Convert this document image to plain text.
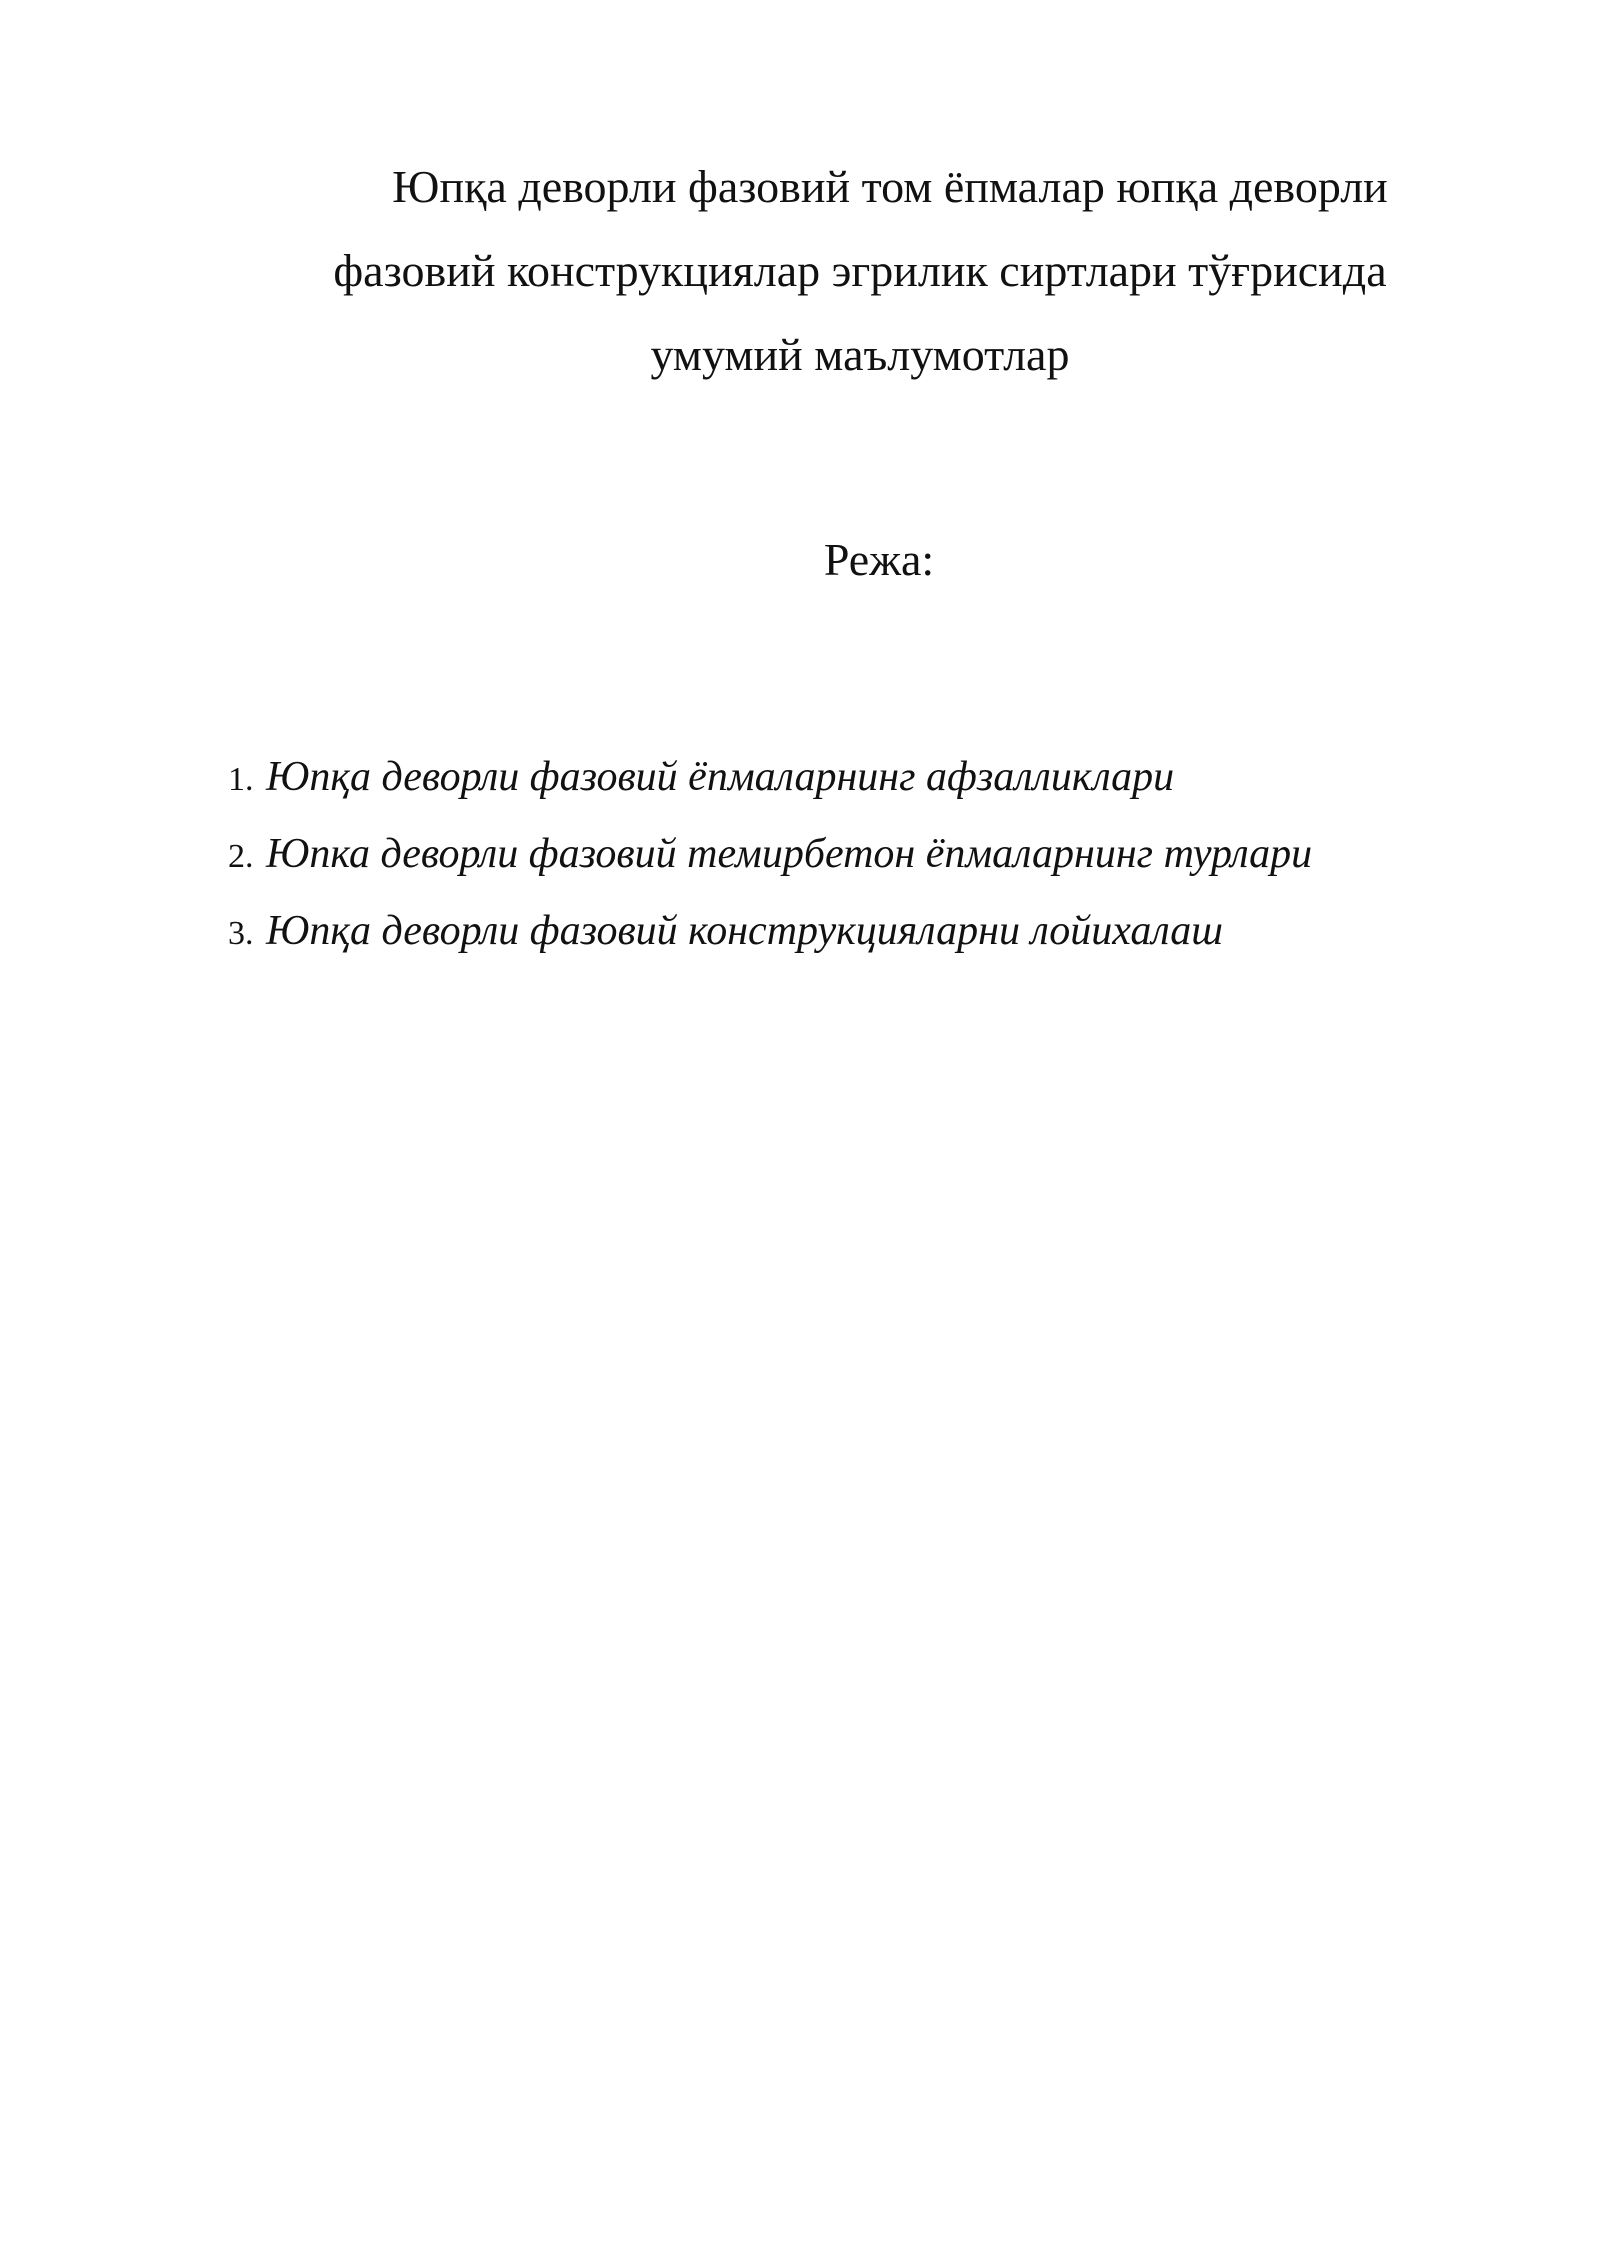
Юпқа деворли фазовий том ёпмалар юпқа деворли
фазовий конструкциялар эгрилик сиртлари тўғрисида
умумий маълумотлар
Режа:
1. Юпқа деворли фазовий ёпмаларнинг афзалликлари
2. Юпка деворли фазовий темирбетон ёпмаларнинг турлари
3. Юпқа деворли фазовий конструкцияларни лойихалаш
